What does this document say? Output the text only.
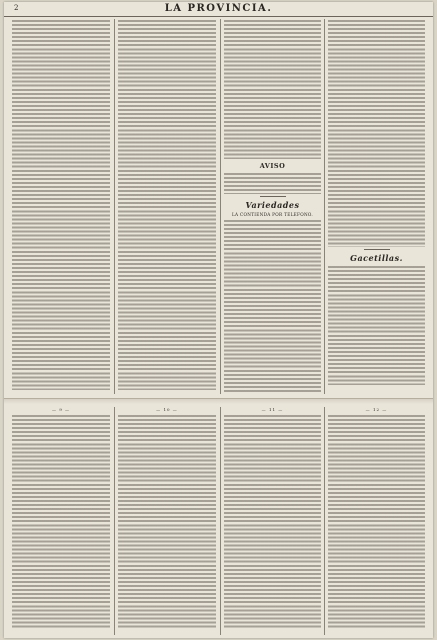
2	LA PROVINCIA.
AVISO
Variedades
LA CONTIENDA POR TELEFONO.
Gacetillas.
— 9 —	— 10 —	— 11 —	— 12 —
